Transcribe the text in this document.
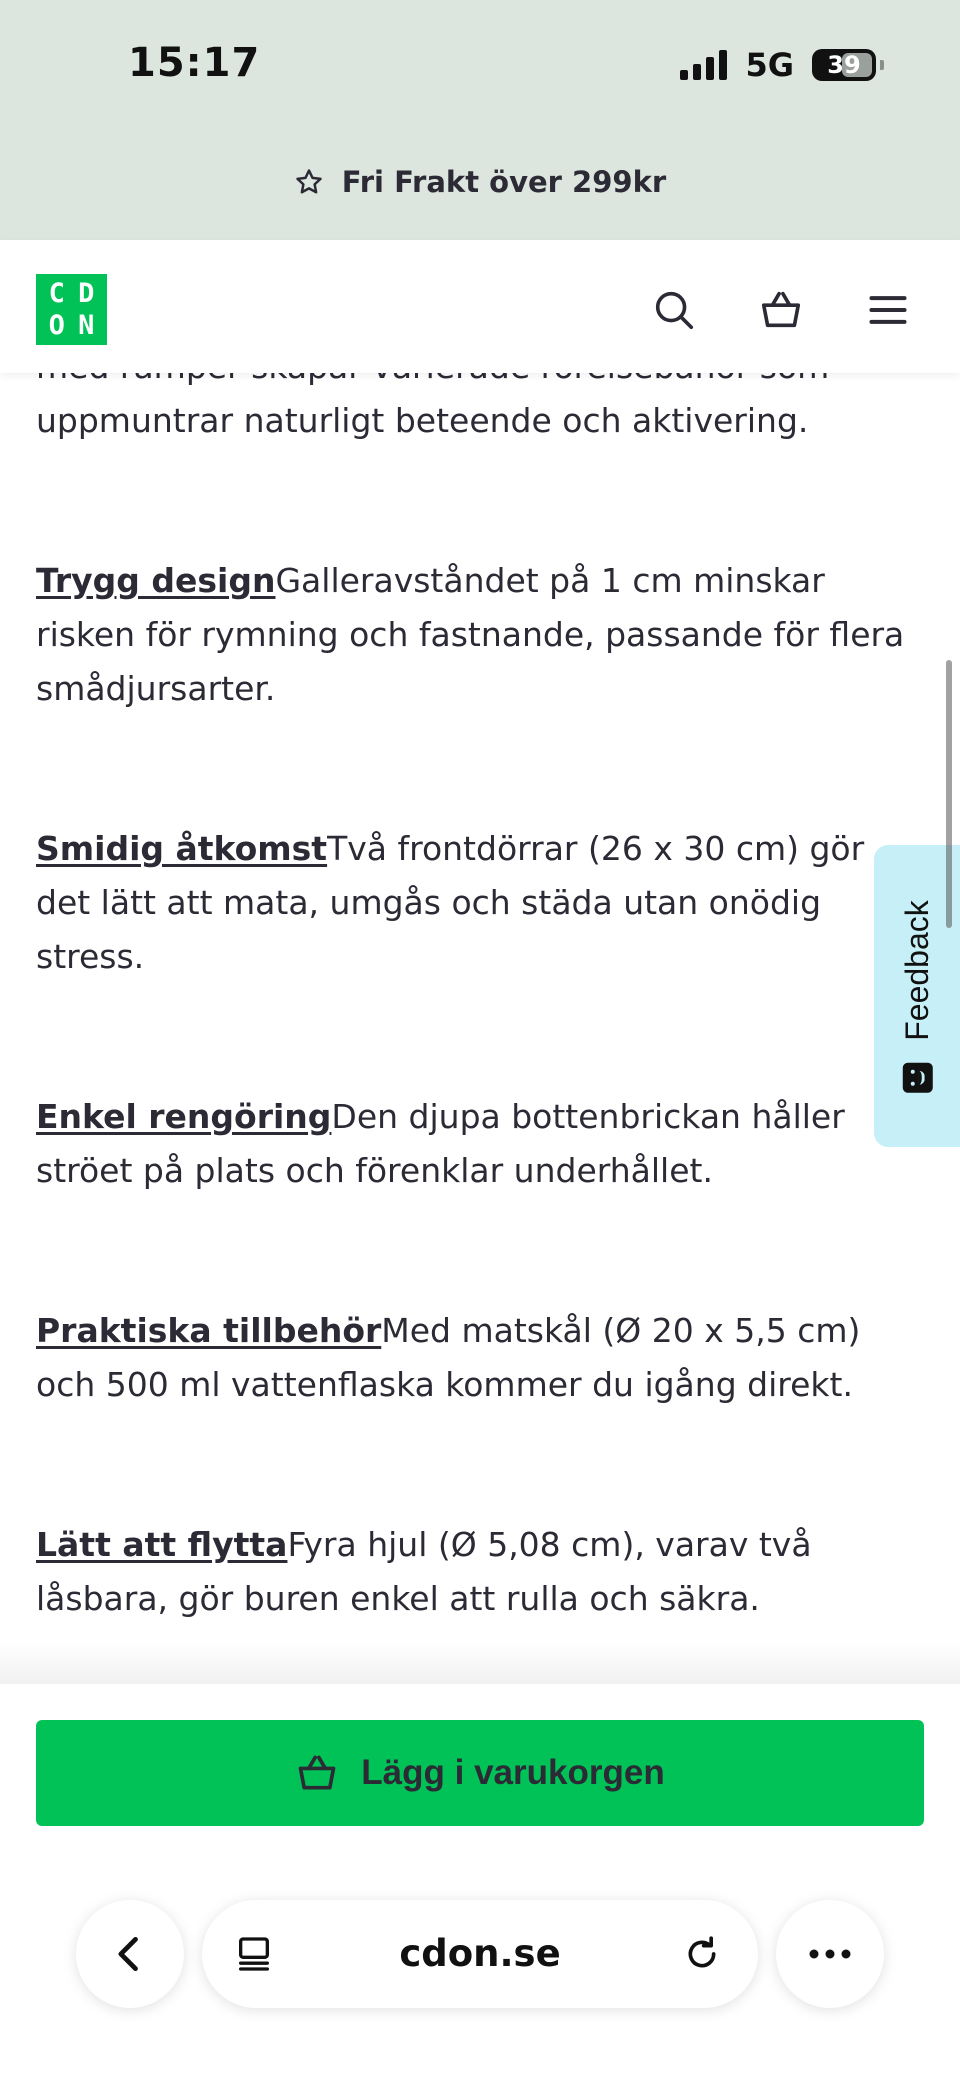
15:17	5G 39
Fri Frakt över 299kr
uppmuntrar naturligt beteende och aktivering.

Trygg designGalleravståndet på 1 cm minskar risken för rymning och fastnande, passande för flera smådjursarter.

Smidig åtkomstTvå frontdörrar (26 x 30 cm) gör det lätt att mata, umgås och städa utan onödig stress.

Enkel rengöringDen djupa bottenbrickan håller ströet på plats och förenklar underhållet.

Praktiska tillbehörMed matskål (Ø 20 x 5,5 cm) och 500 ml vattenflaska kommer du igång direkt.

Lätt att flyttaFyra hjul (Ø 5,08 cm), varav två låsbara, gör buren enkel att rulla och säkra.

C D
O N
Feedback
Lägg i varukorgen
cdon.se
